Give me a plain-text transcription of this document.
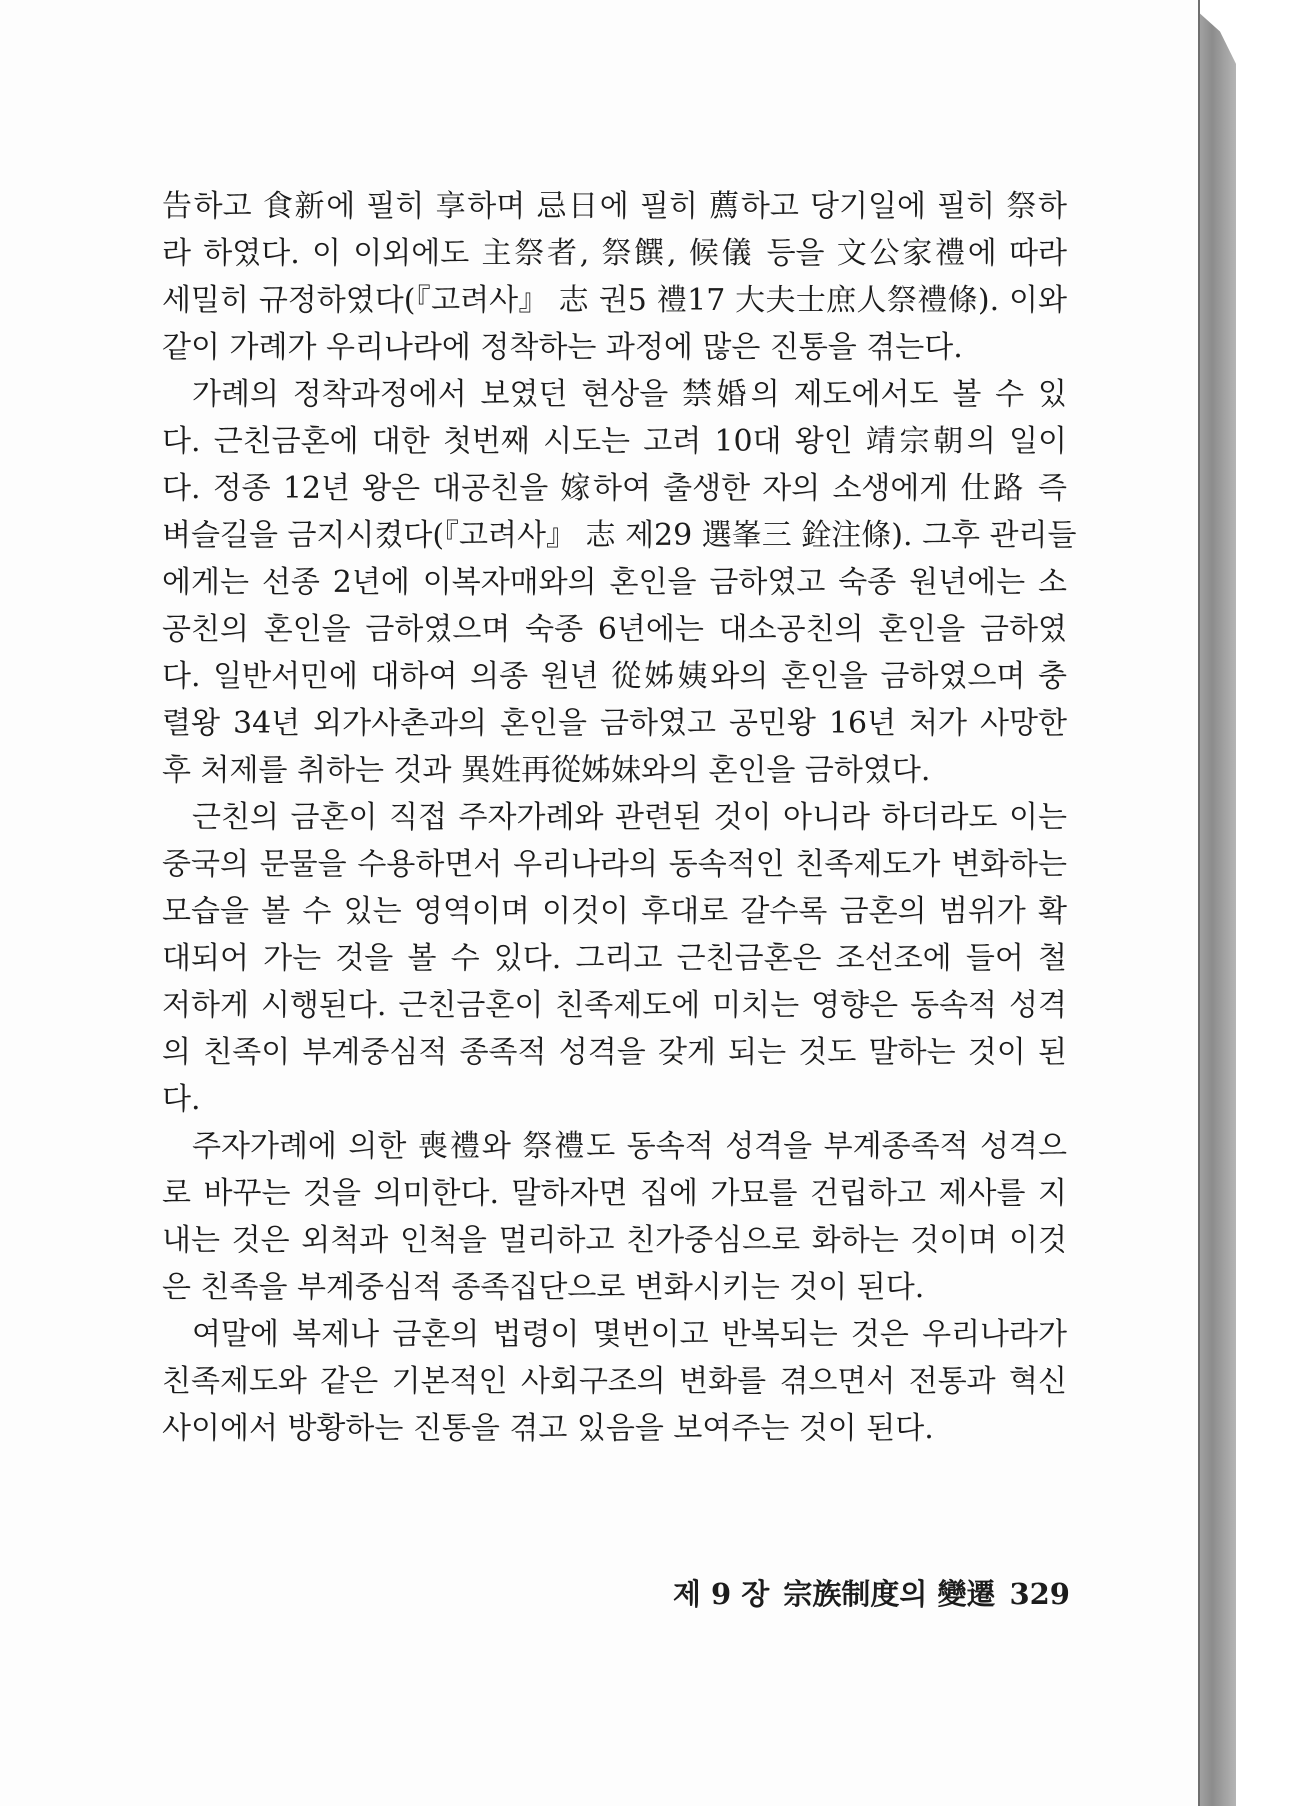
告하고 食新에 필히 享하며 忌日에 필히 薦하고 당기일에 필히 祭하
라 하였다. 이 이외에도 主祭者, 祭饌, 候儀 등을 文公家禮에 따라
세밀히 규정하였다(『고려사』 志 권5 禮17 大夫士庶人祭禮條). 이와
같이 가례가 우리나라에 정착하는 과정에 많은 진통을 겪는다.
가례의 정착과정에서 보였던 현상을 禁婚의 제도에서도 볼 수 있
다. 근친금혼에 대한 첫번째 시도는 고려 10대 왕인 靖宗朝의 일이
다. 정종 12년 왕은 대공친을 嫁하여 출생한 자의 소생에게 仕路 즉
벼슬길을 금지시켰다(『고려사』 志 제29 選峯三 銓注條). 그후 관리들
에게는 선종 2년에 이복자매와의 혼인을 금하였고 숙종 원년에는 소
공친의 혼인을 금하였으며 숙종 6년에는 대소공친의 혼인을 금하였
다. 일반서민에 대하여 의종 원년 從姊姨와의 혼인을 금하였으며 충
렬왕 34년 외가사촌과의 혼인을 금하였고 공민왕 16년 처가 사망한
후 처제를 취하는 것과 異姓再從姊妹와의 혼인을 금하였다.
근친의 금혼이 직접 주자가례와 관련된 것이 아니라 하더라도 이는
중국의 문물을 수용하면서 우리나라의 동속적인 친족제도가 변화하는
모습을 볼 수 있는 영역이며 이것이 후대로 갈수록 금혼의 범위가 확
대되어 가는 것을 볼 수 있다. 그리고 근친금혼은 조선조에 들어 철
저하게 시행된다. 근친금혼이 친족제도에 미치는 영향은 동속적 성격
의 친족이 부계중심적 종족적 성격을 갖게 되는 것도 말하는 것이 된
다.
주자가례에 의한 喪禮와 祭禮도 동속적 성격을 부계종족적 성격으
로 바꾸는 것을 의미한다. 말하자면 집에 가묘를 건립하고 제사를 지
내는 것은 외척과 인척을 멀리하고 친가중심으로 화하는 것이며 이것
은 친족을 부계중심적 종족집단으로 변화시키는 것이 된다.
여말에 복제나 금혼의 법령이 몇번이고 반복되는 것은 우리나라가
친족제도와 같은 기본적인 사회구조의 변화를 겪으면서 전통과 혁신
사이에서 방황하는 진통을 겪고 있음을 보여주는 것이 된다.
제 9 장 宗族制度의 變遷 329
